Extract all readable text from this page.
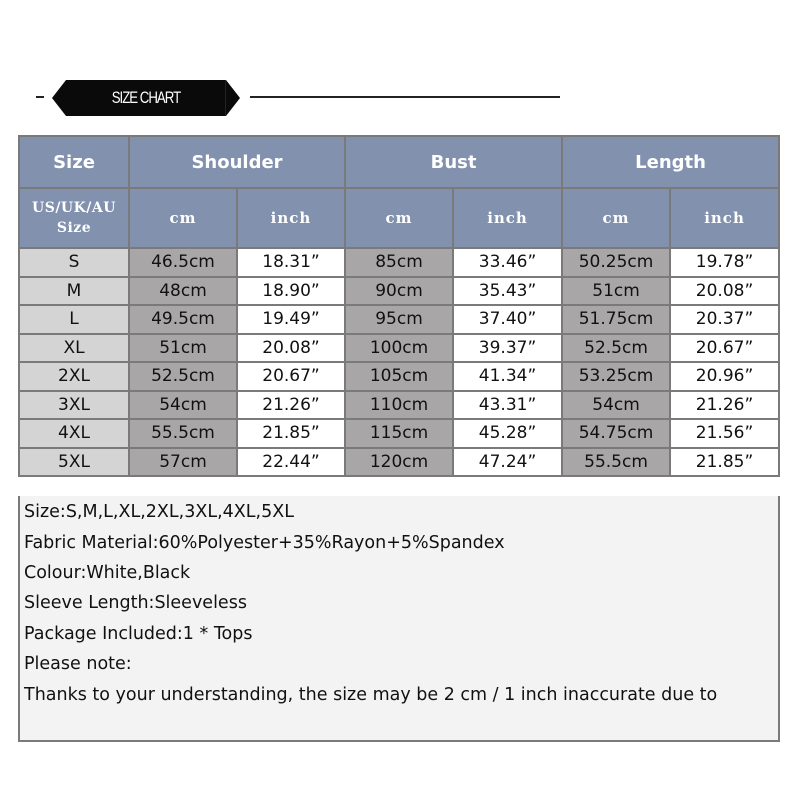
SIZE CHART
Size	Shoulder		Bust		Length	
US/UK/AU
Size	cm	inch	cm	inch	cm	inch
S	46.5cm	18.31”	85cm	33.46”	50.25cm	19.78”
M	48cm	18.90”	90cm	35.43”	51cm	20.08”
L	49.5cm	19.49”	95cm	37.40”	51.75cm	20.37”
XL	51cm	20.08”	100cm	39.37”	52.5cm	20.67”
2XL	52.5cm	20.67”	105cm	41.34”	53.25cm	20.96”
3XL	54cm	21.26”	110cm	43.31”	54cm	21.26”
4XL	55.5cm	21.85”	115cm	45.28”	54.75cm	21.56”
5XL	57cm	22.44”	120cm	47.24”	55.5cm	21.85”
Size:S,M,L,XL,2XL,3XL,4XL,5XL
Fabric Material:60%Polyester+35%Rayon+5%Spandex
Colour:White,Black
Sleeve Length:Sleeveless
Package Included:1 * Tops
Please note:
Thanks to your understanding, the size may be 2 cm / 1 inch inaccurate due to
